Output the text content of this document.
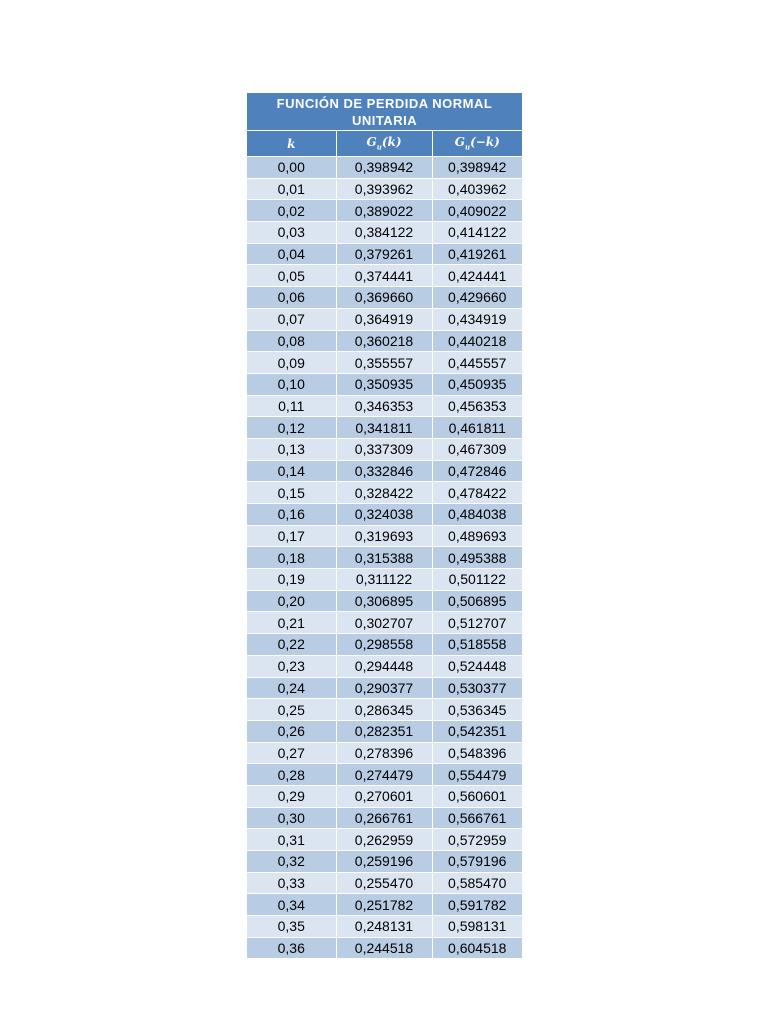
FUNCIÓN DE PERDIDA NORMAL UNITARIA		
k	$G_u(k)$	$G_u(-k)$
0,00	0,398942	0,398942
0,01	0,393962	0,403962
0,02	0,389022	0,409022
0,03	0,384122	0,414122
0,04	0,379261	0,419261
0,05	0,374441	0,424441
0,06	0,369660	0,429660
0,07	0,364919	0,434919
0,08	0,360218	0,440218
0,09	0,355557	0,445557
0,10	0,350935	0,450935
0,11	0,346353	0,456353
0,12	0,341811	0,461811
0,13	0,337309	0,467309
0,14	0,332846	0,472846
0,15	0,328422	0,478422
0,16	0,324038	0,484038
0,17	0,319693	0,489693
0,18	0,315388	0,495388
0,19	0,311122	0,501122
0,20	0,306895	0,506895
0,21	0,302707	0,512707
0,22	0,298558	0,518558
0,23	0,294448	0,524448
0,24	0,290377	0,530377
0,25	0,286345	0,536345
0,26	0,282351	0,542351
0,27	0,278396	0,548396
0,28	0,274479	0,554479
0,29	0,270601	0,560601
0,30	0,266761	0,566761
0,31	0,262959	0,572959
0,32	0,259196	0,579196
0,33	0,255470	0,585470
0,34	0,251782	0,591782
0,35	0,248131	0,598131
0,36	0,244518	0,604518
